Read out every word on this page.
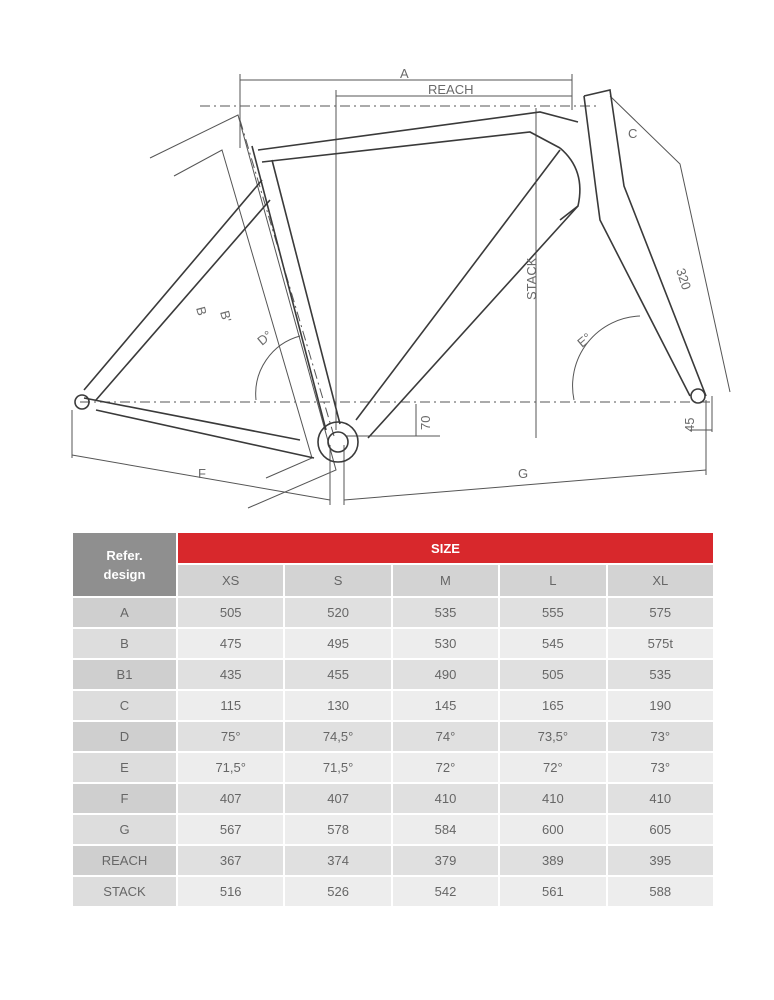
A
REACH
C
STACK	320
B B'
D°	E°
70	45
F	G
Refer.
design	SIZE				
	XS	S	M	L	XL
A	505	520	535	555	575
B	475	495	530	545	575t
B1	435	455	490	505	535
C	115	130	145	165	190
D	75°	74,5°	74°	73,5°	73°
E	71,5°	71,5°	72°	72°	73°
F	407	407	410	410	410
G	567	578	584	600	605
REACH	367	374	379	389	395
STACK	516	526	542	561	588
